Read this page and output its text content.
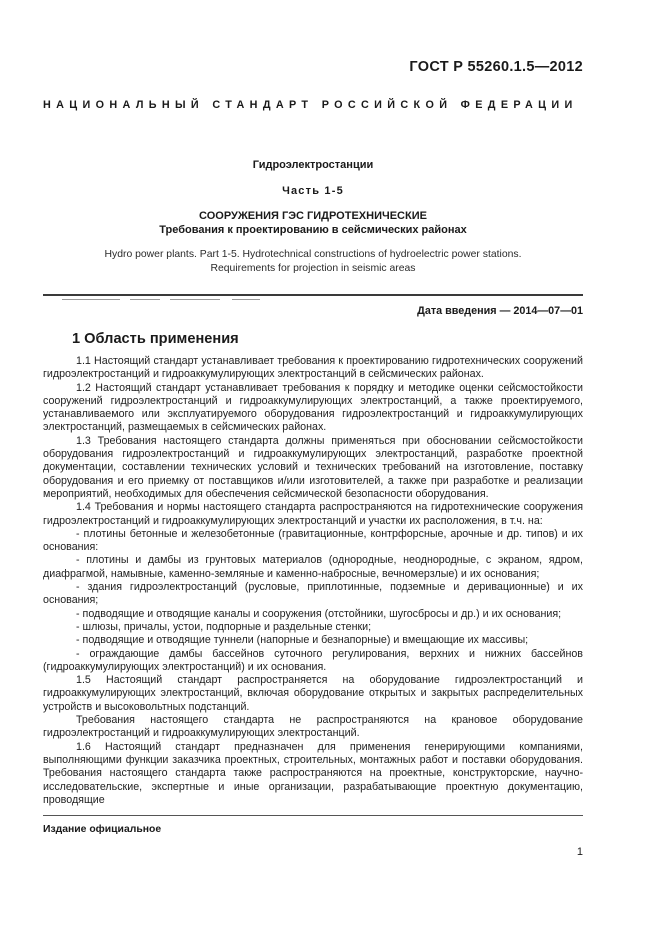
ГОСТ Р 55260.1.5—2012
НАЦИОНАЛЬНЫЙ СТАНДАРТ РОССИЙСКОЙ ФЕДЕРАЦИИ
Гидроэлектростанции
Часть 1-5
СООРУЖЕНИЯ ГЭС ГИДРОТЕХНИЧЕСКИЕ
Требования к проектированию в сейсмических районах
Hydro power plants. Part 1-5. Hydrotechnical constructions of hydroelectric power stations.
Requirements for projection in seismic areas
Дата введения — 2014—07—01
1 Область применения

1.1 Настоящий стандарт устанавливает требования к проектированию гидротехнических сооружений гидроэлектростанций и гидроаккумулирующих электростанций в сейсмических районах.

1.2 Настоящий стандарт устанавливает требования к порядку и методике оценки сейсмостойкости сооружений гидроэлектростанций и гидроаккумулирующих электростанций, а также проектируемого, устанавливаемого или эксплуатируемого оборудования гидроэлектростанций и гидроаккумулирующих электростанций, размещаемых в сейсмических районах.

1.3 Требования настоящего стандарта должны применяться при обосновании сейсмостойкости оборудования гидроэлектростанций и гидроаккумулирующих электростанций, разработке проектной документации, составлении технических условий и технических требований на изготовление, поставку оборудования и его приемку от поставщиков и/или изготовителей, а также при разработке и реализации мероприятий, необходимых для обеспечения сейсмической безопасности оборудования.

1.4 Требования и нормы настоящего стандарта распространяются на гидротехнические сооружения гидроэлектростанций и гидроаккумулирующих электростанций и участки их расположения, в т.ч. на:

- плотины бетонные и железобетонные (гравитационные, контрфорсные, арочные и др. типов) и их основания:

- плотины и дамбы из грунтовых материалов (однородные, неоднородные, с экраном, ядром, диафрагмой, намывные, каменно-земляные и каменно-набросные, вечномерзлые) и их основания;

- здания гидроэлектростанций (русловые, приплотинные, подземные и деривационные) и их основания;

- подводящие и отводящие каналы и сооружения (отстойники, шугосбросы и др.) и их основания;

- шлюзы, причалы, устои, подпорные и раздельные стенки;

- подводящие и отводящие туннели (напорные и безнапорные) и вмещающие их массивы;

- ограждающие дамбы бассейнов суточного регулирования, верхних и нижних бассейнов (гидроаккумулирующих электростанций) и их основания.

1.5 Настоящий стандарт распространяется на оборудование гидроэлектростанций и гидроаккумулирующих электростанций, включая оборудование открытых и закрытых распределительных устройств и высоковольтных подстанций.

Требования настоящего стандарта не распространяются на крановое оборудование гидроэлектростанций и гидроаккумулирующих электростанций.

1.6 Настоящий стандарт предназначен для применения генерирующими компаниями, выполняющими функции заказчика проектных, строительных, монтажных работ и поставки оборудования. Требования настоящего стандарта также распространяются на проектные, конструкторские, научно-исследовательские, экспертные и иные организации, разрабатывающие проектную документацию, проводящие

Издание официальное
1
